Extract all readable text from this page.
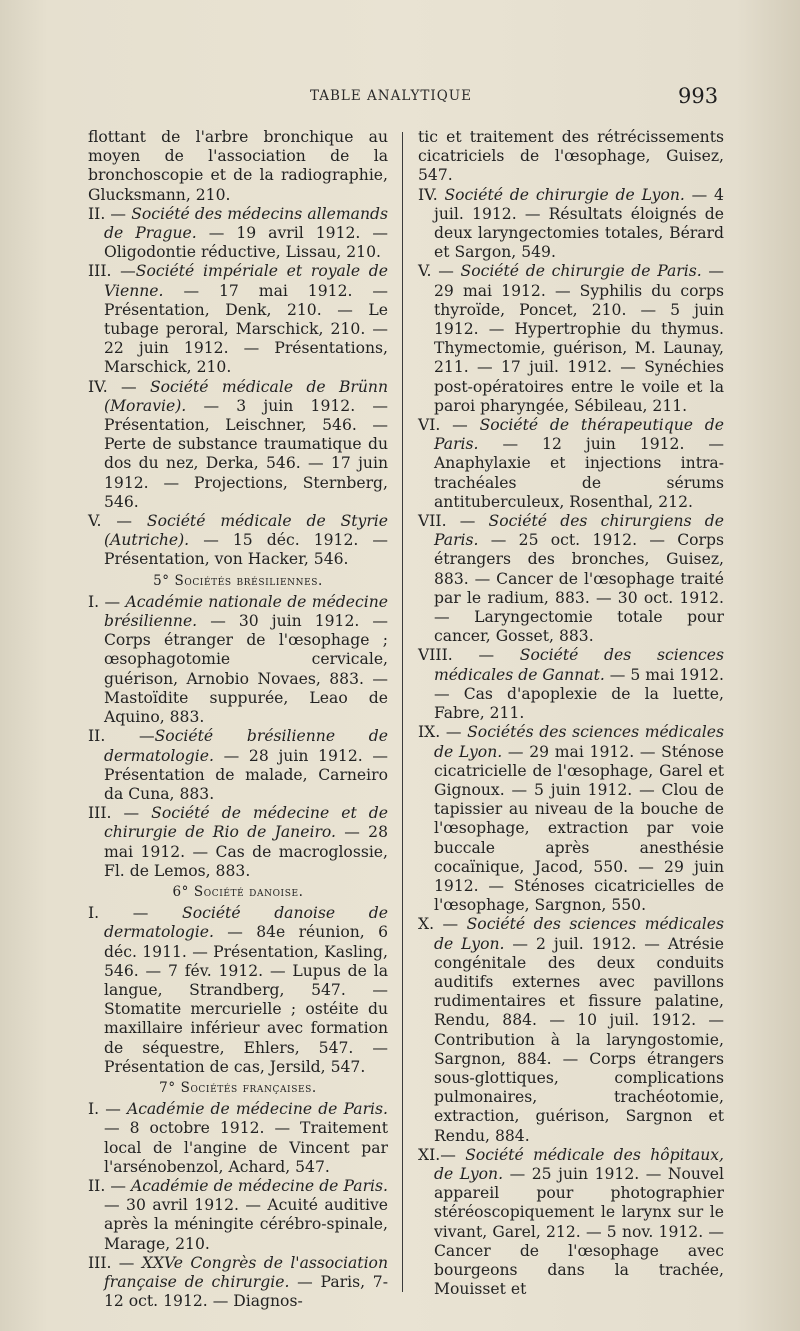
TABLE ANALYTIQUE	993

flottant de l'arbre bronchique au moyen de l'association de la bronchoscopie et de la radiographie, Glucksmann, 210.

II. — Société des médecins allemands de Prague. — 19 avril 1912. — Oligodontie réductive, Lissau, 210.

III. —Société impériale et royale de Vienne. — 17 mai 1912. — Présentation, Denk, 210. — Le tubage peroral, Marschick, 210. — 22 juin 1912. — Présentations, Marschick, 210.

IV. — Société médicale de Brünn (Moravie). — 3 juin 1912. — Présentation, Leischner, 546. — Perte de substance traumatique du dos du nez, Derka, 546. — 17 juin 1912. — Projections, Sternberg, 546.

V. — Société médicale de Styrie (Autriche). — 15 déc. 1912. — Présentation, von Hacker, 546.

5° Sociétés brésiliennes.

I. — Académie nationale de médecine brésilienne. — 30 juin 1912. — Corps étranger de l'œsophage ; œsophagotomie cervicale, guérison, Arnobio Novaes, 883. — Mastoïdite suppurée, Leao de Aquino, 883.

II. —Société brésilienne de dermatologie. — 28 juin 1912. — Présentation de malade, Carneiro da Cuna, 883.

III. — Société de médecine et de chirurgie de Rio de Janeiro. — 28 mai 1912. — Cas de macroglossie, Fl. de Lemos, 883.

6° Société danoise.

I. — Société danoise de dermatologie. — 84e réunion, 6 déc. 1911. — Présentation, Kasling, 546. — 7 fév. 1912. — Lupus de la langue, Strandberg, 547. — Stomatite mercurielle ; ostéite du maxillaire inférieur avec formation de séquestre, Ehlers, 547. — Présentation de cas, Jersild, 547.

7° Sociétés françaises.

I. — Académie de médecine de Paris. — 8 octobre 1912. — Traitement local de l'angine de Vincent par l'arsénobenzol, Achard, 547.

II. — Académie de médecine de Paris. — 30 avril 1912. — Acuité auditive après la méningite cérébro-spinale, Marage, 210.

III. — XXVe Congrès de l'association française de chirurgie. — Paris, 7-12 oct. 1912. — Diagnos-

tic et traitement des rétrécissements cicatriciels de l'œsophage, Guisez, 547.

IV. Société de chirurgie de Lyon. — 4 juil. 1912. — Résultats éloignés de deux laryngectomies totales, Bérard et Sargon, 549.

V. — Société de chirurgie de Paris. — 29 mai 1912. — Syphilis du corps thyroïde, Poncet, 210. — 5 juin 1912. — Hypertrophie du thymus. Thymectomie, guérison, M. Launay, 211. — 17 juil. 1912. — Synéchies post-opératoires entre le voile et la paroi pharyngée, Sébileau, 211.

VI. — Société de thérapeutique de Paris. — 12 juin 1912. — Anaphylaxie et injections intra-trachéales de sérums antituberculeux, Rosenthal, 212.

VII. — Société des chirurgiens de Paris. — 25 oct. 1912. — Corps étrangers des bronches, Guisez, 883. — Cancer de l'œsophage traité par le radium, 883. — 30 oct. 1912. — Laryngectomie totale pour cancer, Gosset, 883.

VIII. — Société des sciences médicales de Gannat. — 5 mai 1912. — Cas d'apoplexie de la luette, Fabre, 211.

IX. — Sociétés des sciences médicales de Lyon. — 29 mai 1912. — Sténose cicatricielle de l'œsophage, Garel et Gignoux. — 5 juin 1912. — Clou de tapissier au niveau de la bouche de l'œsophage, extraction par voie buccale après anesthésie cocaïnique, Jacod, 550. — 29 juin 1912. — Sténoses cicatricielles de l'œsophage, Sargnon, 550.

X. — Société des sciences médicales de Lyon. — 2 juil. 1912. — Atrésie congénitale des deux conduits auditifs externes avec pavillons rudimentaires et fissure palatine, Rendu, 884. — 10 juil. 1912. — Contribution à la laryngostomie, Sargnon, 884. — Corps étrangers sous-glottiques, complications pulmonaires, trachéotomie, extraction, guérison, Sargnon et Rendu, 884.

XI.— Société médicale des hôpitaux, de Lyon. — 25 juin 1912. — Nouvel appareil pour photographier stéréoscopiquement le larynx sur le vivant, Garel, 212. — 5 nov. 1912. — Cancer de l'œsophage avec bourgeons dans la trachée, Mouisset et
